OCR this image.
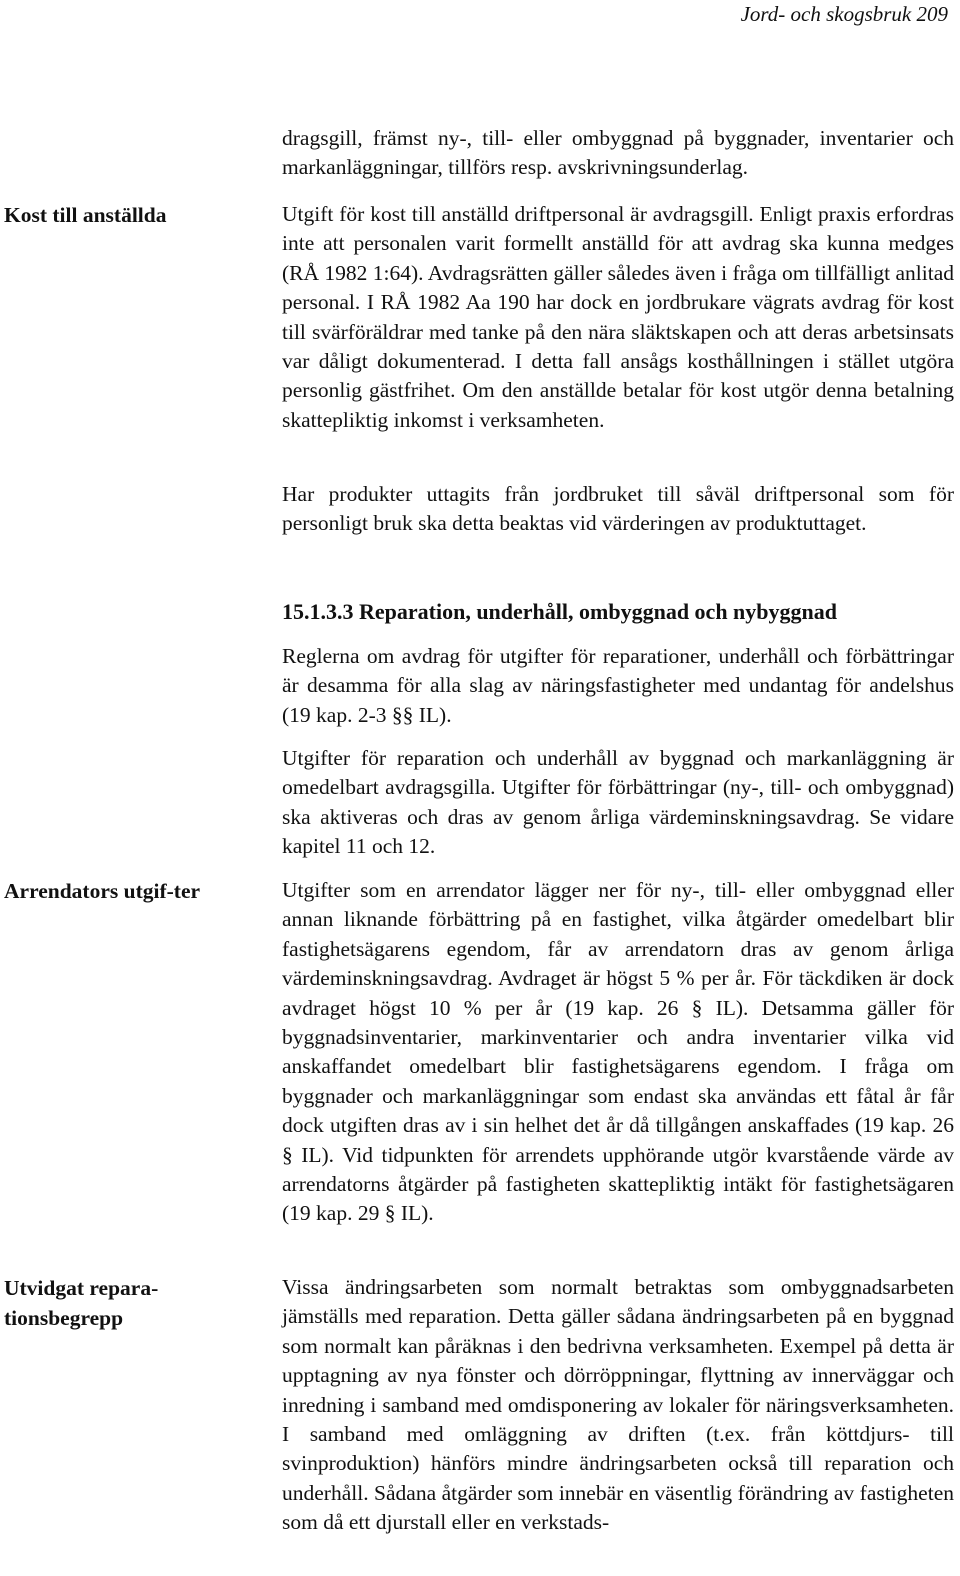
Jord- och skogsbruk 209

dragsgill, främst ny-, till- eller ombyggnad på byggnader, inventarier och markanläggningar, tillförs resp. avskrivningsunderlag.

Kost till anställda	Utgift för kost till anställd driftpersonal är avdragsgill. Enligt praxis erfordras inte att personalen varit formellt anställd för att avdrag ska kunna medges (RÅ 1982 1:64). Avdragsrätten gäller således även i fråga om tillfälligt anlitad personal. I RÅ 1982 Aa 190 har dock en jordbrukare vägrats avdrag för kost till svärföräldrar med tanke på den nära släktskapen och att deras arbetsinsats var dåligt dokumenterad. I detta fall ansågs kosthållningen i stället utgöra personlig gästfrihet. Om den anställde betalar för kost utgör denna betalning skattepliktig inkomst i verksamheten.

Har produkter uttagits från jordbruket till såväl driftpersonal som för personligt bruk ska detta beaktas vid värderingen av produktuttaget.

15.1.3.3 Reparation, underhåll, ombyggnad och nybyggnad

Reglerna om avdrag för utgifter för reparationer, underhåll och förbättringar är desamma för alla slag av näringsfastigheter med undantag för andelshus (19 kap. 2-3 §§ IL).

Utgifter för reparation och underhåll av byggnad och markanläggning är omedelbart avdragsgilla. Utgifter för förbättringar (ny-, till- och ombyggnad) ska aktiveras och dras av genom årliga värdeminskningsavdrag. Se vidare kapitel 11 och 12.

Arrendators utgif-ter	Utgifter som en arrendator lägger ner för ny-, till- eller ombyggnad eller annan liknande förbättring på en fastighet, vilka åtgärder omedelbart blir fastighetsägarens egendom, får av arrendatorn dras av genom årliga värdeminskningsavdrag. Avdraget är högst 5 % per år. För täckdiken är dock avdraget högst 10 % per år (19 kap. 26 § IL). Detsamma gäller för byggnadsinventarier, markinventarier och andra inventarier vilka vid anskaffandet omedelbart blir fastighetsägarens egendom. I fråga om byggnader och markanläggningar som endast ska användas ett fåtal år får dock utgiften dras av i sin helhet det år då tillgången anskaffades (19 kap. 26 § IL). Vid tidpunkten för arrendets upphörande utgör kvarstående värde av arrendatorns åtgärder på fastigheten skattepliktig intäkt för fastighetsägaren (19 kap. 29 § IL).

Utvidgat repara-tionsbegrepp

Vissa ändringsarbeten som normalt betraktas som ombyggnadsarbeten jämställs med reparation. Detta gäller sådana ändringsarbeten på en byggnad som normalt kan påräknas i den bedrivna verksamheten. Exempel på detta är upptagning av nya fönster och dörröppningar, flyttning av innerväggar och inredning i samband med omdisponering av lokaler för näringsverksamheten. I samband med omläggning av driften (t.ex. från köttdjurs- till svinproduktion) hänförs mindre ändringsarbeten också till reparation och underhåll. Sådana åtgärder som innebär en väsentlig förändring av fastigheten som då ett djurstall eller en verkstads-
